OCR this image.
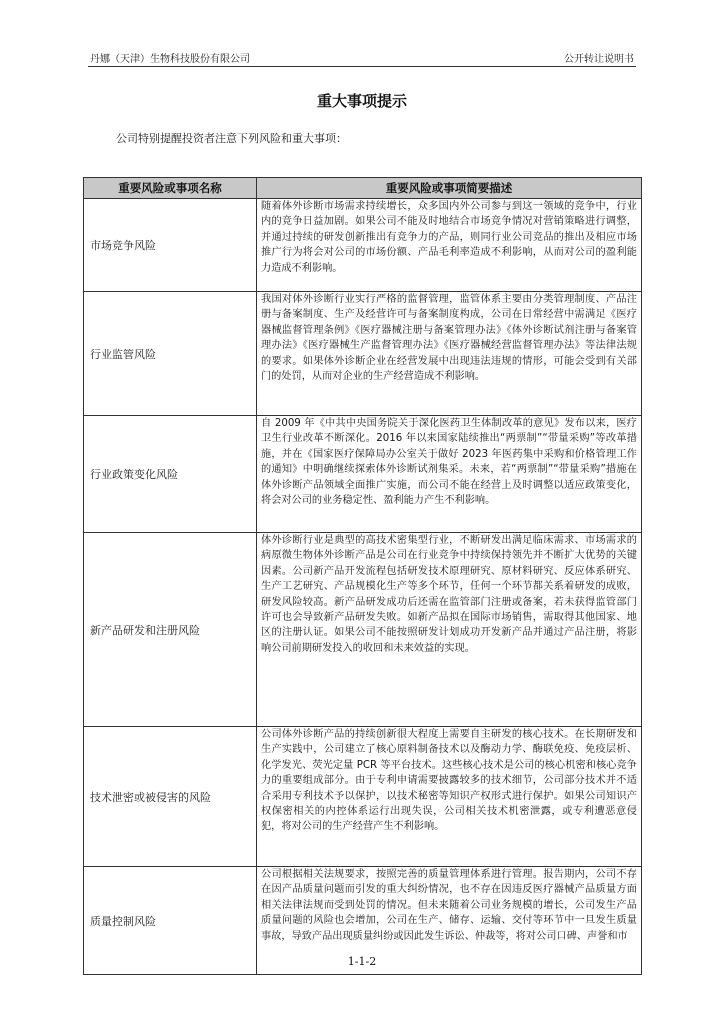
丹娜（天津）生物科技股份有限公司	公开转让说明书
重大事项提示
公司特别提醒投资者注意下列风险和重大事项：
重要风险或事项名称	重要风险或事项简要描述
市场竞争风险	随着体外诊断市场需求持续增长，众多国内外公司参与到这一领域的竞争中，行业内的竞争日益加剧。如果公司不能及时地结合市场竞争情况对营销策略进行调整，并通过持续的研发创新推出有竞争力的产品，则同行业公司竞品的推出及相应市场推广行为将会对公司的市场份额、产品毛利率造成不利影响，从而对公司的盈利能力造成不利影响。
行业监管风险	我国对体外诊断行业实行严格的监督管理，监管体系主要由分类管理制度、产品注册与备案制度、生产及经营许可与备案制度构成，公司在日常经营中需满足《医疗器械监督管理条例》《医疗器械注册与备案管理办法》《体外诊断试剂注册与备案管理办法》《医疗器械生产监督管理办法》《医疗器械经营监督管理办法》等法律法规的要求。如果体外诊断企业在经营发展中出现违法违规的情形，可能会受到有关部门的处罚，从而对企业的生产经营造成不利影响。
行业政策变化风险	自 2009 年《中共中央国务院关于深化医药卫生体制改革的意见》发布以来，医疗卫生行业改革不断深化。2016 年以来国家陆续推出“两票制”“带量采购”等改革措施，并在《国家医疗保障局办公室关于做好 2023 年医药集中采购和价格管理工作的通知》中明确继续探索体外诊断试剂集采。未来，若“两票制”“带量采购”措施在体外诊断产品领域全面推广实施，而公司不能在经营上及时调整以适应政策变化，将会对公司的业务稳定性、盈利能力产生不利影响。
新产品研发和注册风险	体外诊断行业是典型的高技术密集型行业，不断研发出满足临床需求、市场需求的病原微生物体外诊断产品是公司在行业竞争中持续保持领先并不断扩大优势的关键因素。公司新产品开发流程包括研发技术原理研究、原材料研究、反应体系研究、生产工艺研究、产品规模化生产等多个环节，任何一个环节都关系着研发的成败，研发风险较高。新产品研发成功后还需在监管部门注册或备案，若未获得监管部门许可也会导致新产品研发失败。如新产品拟在国际市场销售，需取得其他国家、地区的注册认证。如果公司不能按照研发计划成功开发新产品并通过产品注册，将影响公司前期研发投入的收回和未来效益的实现。
技术泄密或被侵害的风险	公司体外诊断产品的持续创新很大程度上需要自主研发的核心技术。在长期研发和生产实践中，公司建立了核心原料制备技术以及酶动力学、酶联免疫、免疫层析、化学发光、荧光定量 PCR 等平台技术。这些核心技术是公司的核心机密和核心竞争力的重要组成部分。由于专利申请需要披露较多的技术细节，公司部分技术并不适合采用专利技术予以保护，以技术秘密等知识产权形式进行保护。如果公司知识产权保密相关的内控体系运行出现失误，公司相关技术机密泄露，或专利遭恶意侵犯，将对公司的生产经营产生不利影响。
质量控制风险	公司根据相关法规要求，按照完善的质量管理体系进行管理。报告期内，公司不存在因产品质量问题而引发的重大纠纷情况，也不存在因违反医疗器械产品质量方面相关法律法规而受到处罚的情况。但未来随着公司业务规模的增长，公司发生产品质量问题的风险也会增加，公司在生产、储存、运输、交付等环节中一旦发生质量事故，导致产品出现质量纠纷或因此发生诉讼、仲裁等，将对公司口碑、声誉和市
1-1-2
